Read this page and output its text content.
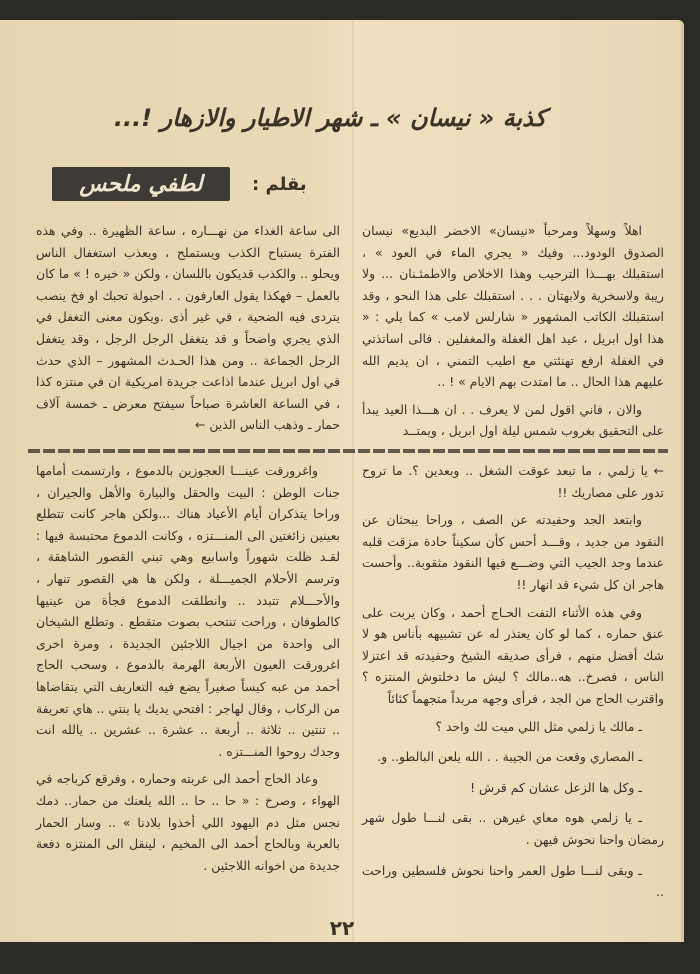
كذبة « نيسان » ـ شهر الاطيار والازهار !...
بقلم :
لطفي ملحس

اهلاً وسهلاً ومرحباً «نيسان» الاخضر البديع» نيسان الصدوق الودود... وفيك « يجري الماء في العود » ، استقبلك بهـــذا الترحيب وهذا الاخلاص والاطمئـنان ... ولا ريبة ولاسخرية ولابهتان . . . استقبلك على هذا النحو ، وقد استقبلك الكاتب المشهور « شارلس لامب » كما يلي : « هذا اول ابريل ، عيد اهل الغفلة والمغفلين . فالى اساتذتي في الغفلة ارفع تهنئتي مع اطيب التمني ، ان يديم الله عليهم هذا الحال .. ما امتدت بهم الايام » ! ..

والان ، فاني اقول لمن لا يعرف . . ان هـــذا العيد يبدأ على التحقيق بغروب شمس ليلة اول ابريل ، ويمتــد

الى ساعة الغداء من نهـــاره ، ساعة الظهيرة .. وفي هذه الفترة يستباح الكذب ويستملح ، ويعذب استغفال الناس ويحلو .. والكذب قديكون باللسان ، ولكن « خيره ! » ما كان بالعمل – فهكذا يقول العارفون . . احبولة تحبك او فخ ينصب يتردى فيه الضحية ، في غير أذى .ويكون معنى التغفل في الذي يجري واضحاً و قد يتغفل الرجل الرجل ، وقد يتغفل الرجل الجماعة .. ومن هذا الحـدث المشهور – الذي حدث في اول ابريل عندما اذاعت جريدة امريكية ان في منتزه كذا ، في الساعة العاشرة صباحاً سيفتح معرض ـ خمسة آلاف حمار ـ وذهب الناس الذين ←

← يا زلمي ، ما تبعد عوقت الشغل .. وبعدين ؟. ما تروح تدور على مصاريك !!

وابتعد الجد وحفيدته عن الصف ، وراحا يبحثان عن النقود من جديد ، وقـــد أحس كأن سكيناً حادة مزقت قلبه عندما وجد الجيب التي وضـــع فيها النقود مثقوبة.. وأحست هاجر ان كل شيء قد انهار !!

وفي هذه الأثناء التفت الحـاج أحمد ، وكان يربت على عنق حماره ، كما لو كان يعتذر له عن تشبيهه بأناس هو لا شك أفضل منهم ، فرأى صديقه الشيخ وحفيدته قد اعتزلا الناس ، فصرخ.. هه..مالك ؟ ليش ما دخلتوش المنتزه ؟ واقترب الحاج من الجد ، فرأى وجهه مربداً متجهماً كئائاً

ـ مالك يا زلمي مثل اللي ميت لك واحد ؟

ـ المصاري وقعت من الجيبة . . الله يلعن البالطو.. و.

ـ وكل ها الزعل عشان كم قرش !

ـ يا زلمي هوه معاي غيرهن .. بقى لنـــا طول شهر رمضان واحنا نحوش فيهن .

ـ وبقى لنـــا طول العمر واحنا نحوش فلسطين وراحت ..

واغرورقت عينـــا العجوزين بالدموع ، وارتسمت أمامها جنات الوطن : البيت والحقل والبيارة والأهل والجيران ، وراحا يتذكران أيام الأعياد هناك ...ولكن هاجر كانت تتطلع بعينين زائغتين الى المنـــتزه ، وكانت الدموع محتبسة فيها : لقـد ظلت شهوراً واسابيع وهي تبني القصور الشاهقة ، وترسم الأحلام الجميـــلة ، ولكن ها هي القصور تنهار ، والأحـــلام تتبدد .. وانطلقت الدموع فجأة من عينيها كالطوفان ، وراحت تنتحب بصوت متقطع . وتطلع الشيخان الى واحدة من اجيال اللاجئين الجديدة ، ومرة اخرى اغرورقت العيون الأربعة الهرمة بالدموع ، وسحب الحاج أحمد من عبه كيساً صغيراً يضع فيه التعاريف التي يتقاضاها من الركاب ، وقال لهاجر : افتحي يديك يا بنتي .. هاي تعريفة .. تنتين .. ثلاثة .. أربعة .. عشرة .. عشرين .. يالله انت وجدك روحوا المنـــتزه .

وعاد الحاج أحمد الى عربته وحماره ، وفرقع كرباجه في الهواء ، وصرخ : « حا .. حا .. الله يلعنك من حمار.. دمك نجس مثل دم اليهود اللي أخذوا بلادنا » .. وسار الحمار بالعربة وبالحاج أحمد الى المخيم ، لينقل الى المنتزه دفعة جديدة من اخوانه اللاجئين .

٢٢
